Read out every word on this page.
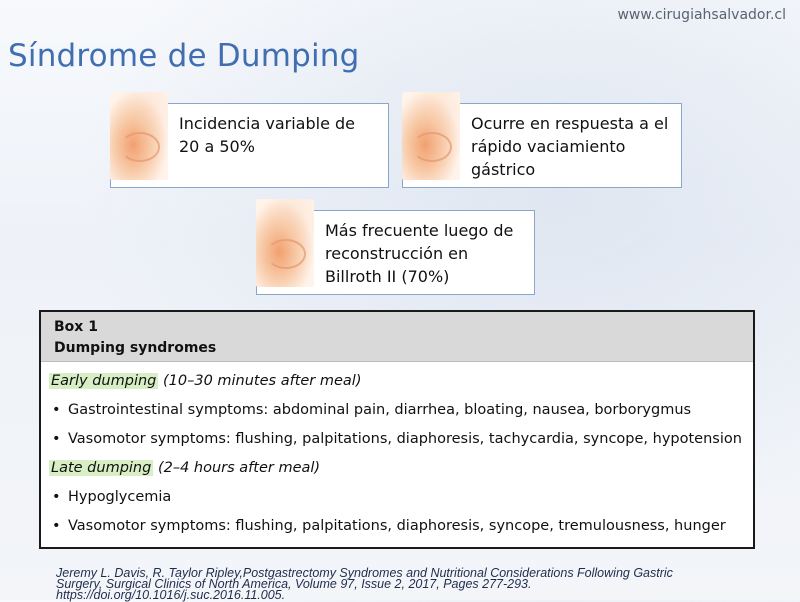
www.cirugiahsalvador.cl
Síndrome de Dumping
Incidencia variable de 20 a 50%
Ocurre en respuesta a el rápido vaciamiento gástrico
Más frecuente luego de reconstrucción en Billroth II (70%)
Box 1
Dumping syndromes
Early dumping (10–30 minutes after meal)
• Gastrointestinal symptoms: abdominal pain, diarrhea, bloating, nausea, borborygmus
• Vasomotor symptoms: flushing, palpitations, diaphoresis, tachycardia, syncope, hypotension
Late dumping (2–4 hours after meal)
• Hypoglycemia
• Vasomotor symptoms: flushing, palpitations, diaphoresis, syncope, tremulousness, hunger
Jeremy L. Davis, R. Taylor Ripley,Postgastrectomy Syndromes and Nutritional Considerations Following Gastric
Surgery, Surgical Clinics of North America, Volume 97, Issue 2, 2017, Pages 277-293.
https://doi.org/10.1016/j.suc.2016.11.005.
